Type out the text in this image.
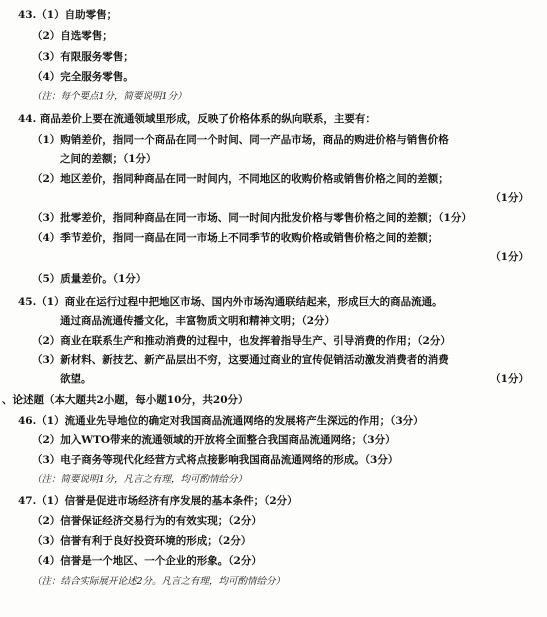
43.（1）自助零售；
（2）自选零售；
（3）有限服务零售；
（4）完全服务零售。
（注：每个要点1分，简要说明1分）
44. 商品差价上要在流通领域里形成，反映了价格体系的纵向联系，主要有：
（1）购销差价，指同一个商品在同一个时间、同一产品市场，商品的购进价格与销售价格
之间的差额；（1分）
（2）地区差价，指同种商品在同一时间内，不同地区的收购价格或销售价格之间的差额；
（1分）
（3）批零差价，指同种商品在同一市场、同一时间内批发价格与零售价格之间的差额；（1分）
（4）季节差价，指同一商品在同一市场上不同季节的收购价格或销售价格之间的差额；
（1分）
（5）质量差价。（1分）
45.（1）商业在运行过程中把地区市场、国内外市场沟通联结起来，形成巨大的商品流通。
通过商品流通传播文化，丰富物质文明和精神文明；（2分）
（2）商业在联系生产和推动消费的过程中，也发挥着指导生产、引导消费的作用；（2分）
（3）新材料、新技艺、新产品层出不穷，这要通过商业的宣传促销活动激发消费者的消费
欲望。	（1分）
、论述题（本大题共2小题，每小题10分，共20分）
46.（1）流通业先导地位的确定对我国商品流通网络的发展将产生深远的作用；（3分）
（2）加入WTO带来的流通领域的开放将全面整合我国商品流通网络；（3分）
（3）电子商务等现代化经营方式将点接影响我国商品流通网络的形成。（3分）
（注：简要说明1分，凡言之有理，均可酌情给分）
47.（1）信誉是促进市场经济有序发展的基本条件；（2分）
（2）信誉保证经济交易行为的有效实现；（2分）
（3）信誉有利于良好投资环境的形成；（2分）
（4）信誉是一个地区、一个企业的形象。（2分）
（注：结合实际展开论述2分。凡言之有理，均可酌情给分）
